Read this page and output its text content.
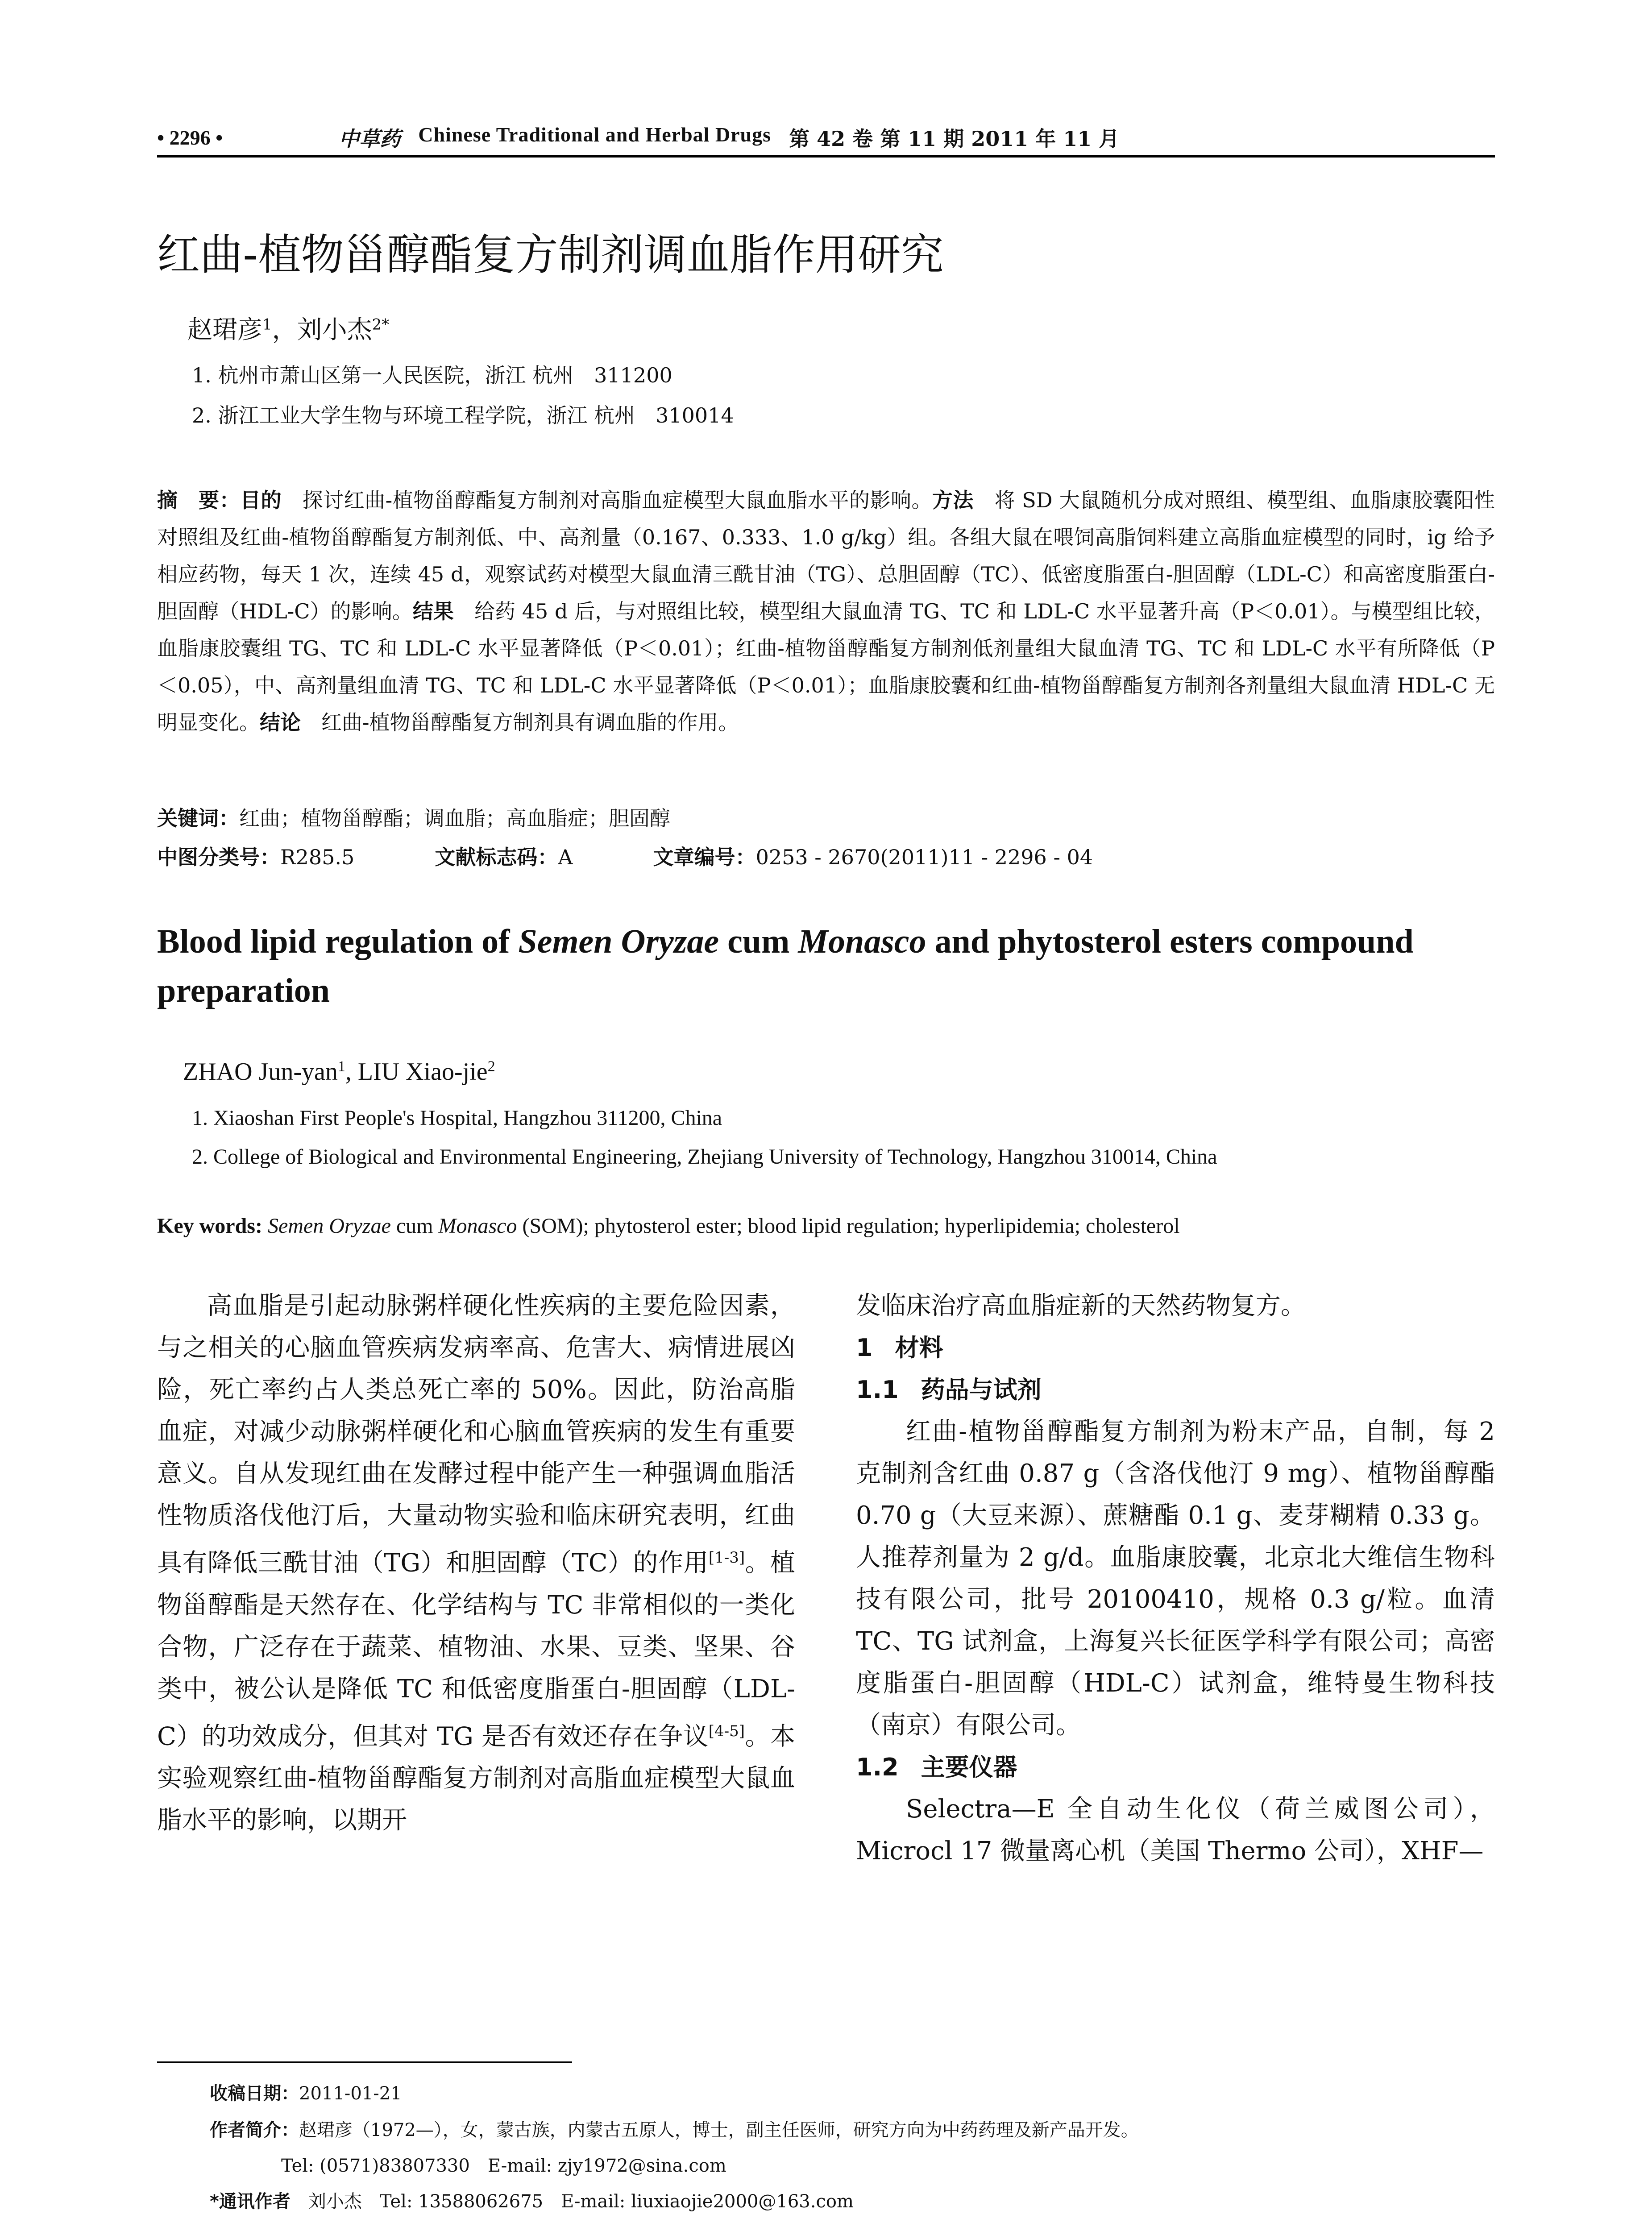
• 2296 •	中草药 Chinese Traditional and Herbal Drugs 第 42 卷 第 11 期 2011 年 11 月
红曲-植物甾醇酯复方制剂调血脂作用研究
赵珺彦$^1$，刘小杰$^{2*}$
1. 杭州市萧山区第一人民医院，浙江 杭州　311200
2. 浙江工业大学生物与环境工程学院，浙江 杭州　310014
摘　要：目的　探讨红曲-植物甾醇酯复方制剂对高脂血症模型大鼠血脂水平的影响。方法　将 SD 大鼠随机分成对照组、模型组、血脂康胶囊阳性对照组及红曲-植物甾醇酯复方制剂低、中、高剂量（0.167、0.333、1.0 g/kg）组。各组大鼠在喂饲高脂饲料建立高脂血症模型的同时，ig 给予相应药物，每天 1 次，连续 45 d，观察试药对模型大鼠血清三酰甘油（TG）、总胆固醇（TC）、低密度脂蛋白-胆固醇（LDL-C）和高密度脂蛋白-胆固醇（HDL-C）的影响。结果　给药 45 d 后，与对照组比较，模型组大鼠血清 TG、TC 和 LDL-C 水平显著升高（P＜0.01）。与模型组比较，血脂康胶囊组 TG、TC 和 LDL-C 水平显著降低（P＜0.01）；红曲-植物甾醇酯复方制剂低剂量组大鼠血清 TG、TC 和 LDL-C 水平有所降低（P＜0.05），中、高剂量组血清 TG、TC 和 LDL-C 水平显著降低（P＜0.01）；血脂康胶囊和红曲-植物甾醇酯复方制剂各剂量组大鼠血清 HDL-C 无明显变化。结论　红曲-植物甾醇酯复方制剂具有调血脂的作用。
关键词：红曲；植物甾醇酯；调血脂；高血脂症；胆固醇
中图分类号：R285.5	文献标志码：A	文章编号：0253 - 2670(2011)11 - 2296 - 04
Blood lipid regulation of Semen Oryzae cum Monasco and phytosterol esters compound preparation
ZHAO Jun-yan$^1$, LIU Xiao-jie$^2$
1. Xiaoshan First People's Hospital, Hangzhou 311200, China
2. College of Biological and Environmental Engineering, Zhejiang University of Technology, Hangzhou 310014, China
Key words: Semen Oryzae cum Monasco (SOM); phytosterol ester; blood lipid regulation; hyperlipidemia; cholesterol

高血脂是引起动脉粥样硬化性疾病的主要危险因素，与之相关的心脑血管疾病发病率高、危害大、病情进展凶险，死亡率约占人类总死亡率的 50%。因此，防治高脂血症，对减少动脉粥样硬化和心脑血管疾病的发生有重要意义。自从发现红曲在发酵过程中能产生一种强调血脂活性物质洛伐他汀后，大量动物实验和临床研究表明，红曲具有降低三酰甘油（TG）和胆固醇（TC）的作用[1-3]。植物甾醇酯是天然存在、化学结构与 TC 非常相似的一类化合物，广泛存在于蔬菜、植物油、水果、豆类、坚果、谷类中，被公认是降低 TC 和低密度脂蛋白-胆固醇（LDL-C）的功效成分，但其对 TG 是否有效还存在争议[4-5]。本实验观察红曲-植物甾醇酯复方制剂对高脂血症模型大鼠血脂水平的影响，以期开

发临床治疗高血脂症新的天然药物复方。

1 材料

1.1 药品与试剂

红曲-植物甾醇酯复方制剂为粉末产品，自制，每 2 克制剂含红曲 0.87 g（含洛伐他汀 9 mg）、植物甾醇酯 0.70 g（大豆来源）、蔗糖酯 0.1 g、麦芽糊精 0.33 g。人推荐剂量为 2 g/d。血脂康胶囊，北京北大维信生物科技有限公司，批号 20100410，规格 0.3 g/粒。血清 TC、TG 试剂盒，上海复兴长征医学科学有限公司；高密度脂蛋白-胆固醇（HDL-C）试剂盒，维特曼生物科技（南京）有限公司。

1.2 主要仪器

Selectra—E 全自动生化仪（荷兰威图公司），Microcl 17 微量离心机（美国 Thermo 公司），XHF—

收稿日期：2011-01-21
作者简介：赵珺彦（1972—），女，蒙古族，内蒙古五原人，博士，副主任医师，研究方向为中药药理及新产品开发。
Tel: (0571)83807330　E-mail: zjy1972@sina.com
*通讯作者　刘小杰　Tel: 13588062675　E-mail: liuxiaojie2000@163.com
